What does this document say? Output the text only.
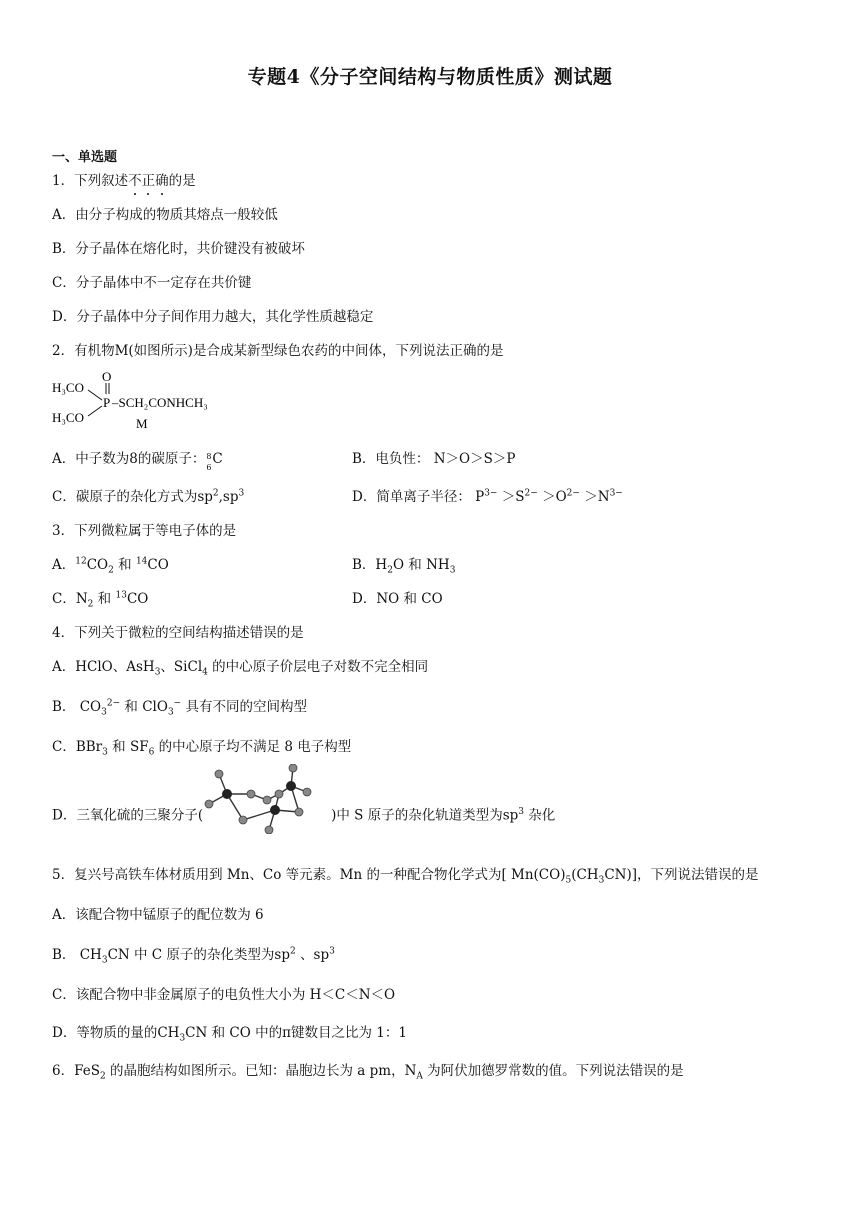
专题4《分子空间结构与物质性质》测试题
一、单选题
1．下列叙述不正确的是
A．由分子构成的物质其熔点一般较低
B．分子晶体在熔化时，共价键没有被破坏
C．分子晶体中不一定存在共价键
D．分子晶体中分子间作用力越大，其化学性质越稳定
2．有机物M(如图所示)是合成某新型绿色农药的中间体，下列说法正确的是
H₃CO
H₃CO
O
P –SCH₂CONHCH₃
M
A．中子数为8的碳原子： 8
6
C	B．电负性： N＞O＞S＞P
C．碳原子的杂化方式为$sp^2,sp^3$	D．简单离子半径： $P^{3-} >S^{2-} >O^{2-} >N^{3-}$
3．下列微粒属于等电子体的是
A．$^{12}CO_2$ 和 $^{14}$CO	B．$H_2O$ 和 $NH_3$
C．$N_2$ 和 $^{13}$CO	D．NO 和 CO
4．下列关于微粒的空间结构描述错误的是
A．HClO、AsH$_3$、SiCl$_4$ 的中心原子价层电子对数不完全相同
B． $CO_3^{2-}$ 和 ClO$_3$− 具有不同的空间构型
C．BBr$_3$ 和 $SF_6$ 的中心原子均不满足 8 电子构型
D．三氧化硫的三聚分子(	)中 S 原子的杂化轨道类型为$sp^3$ 杂化
5．复兴号高铁车体材质用到 Mn、Co 等元素。Mn 的一种配合物化学式为[ $Mn(CO)_5(CH_3CN)$]，下列说法错误的是
A．该配合物中锰原子的配位数为 6
B． $CH_3CN$ 中 C 原子的杂化类型为$sp^2$ 、$sp^3$
C．该配合物中非金属原子的电负性大小为 H＜C＜N＜O
D．等物质的量的$CH_3CN$ 和 CO 中的π键数目之比为 1：1
6．FeS$_2$ 的晶胞结构如图所示。已知：晶胞边长为 a pm，$N_A$ 为阿伏加德罗常数的值。下列说法错误的是
